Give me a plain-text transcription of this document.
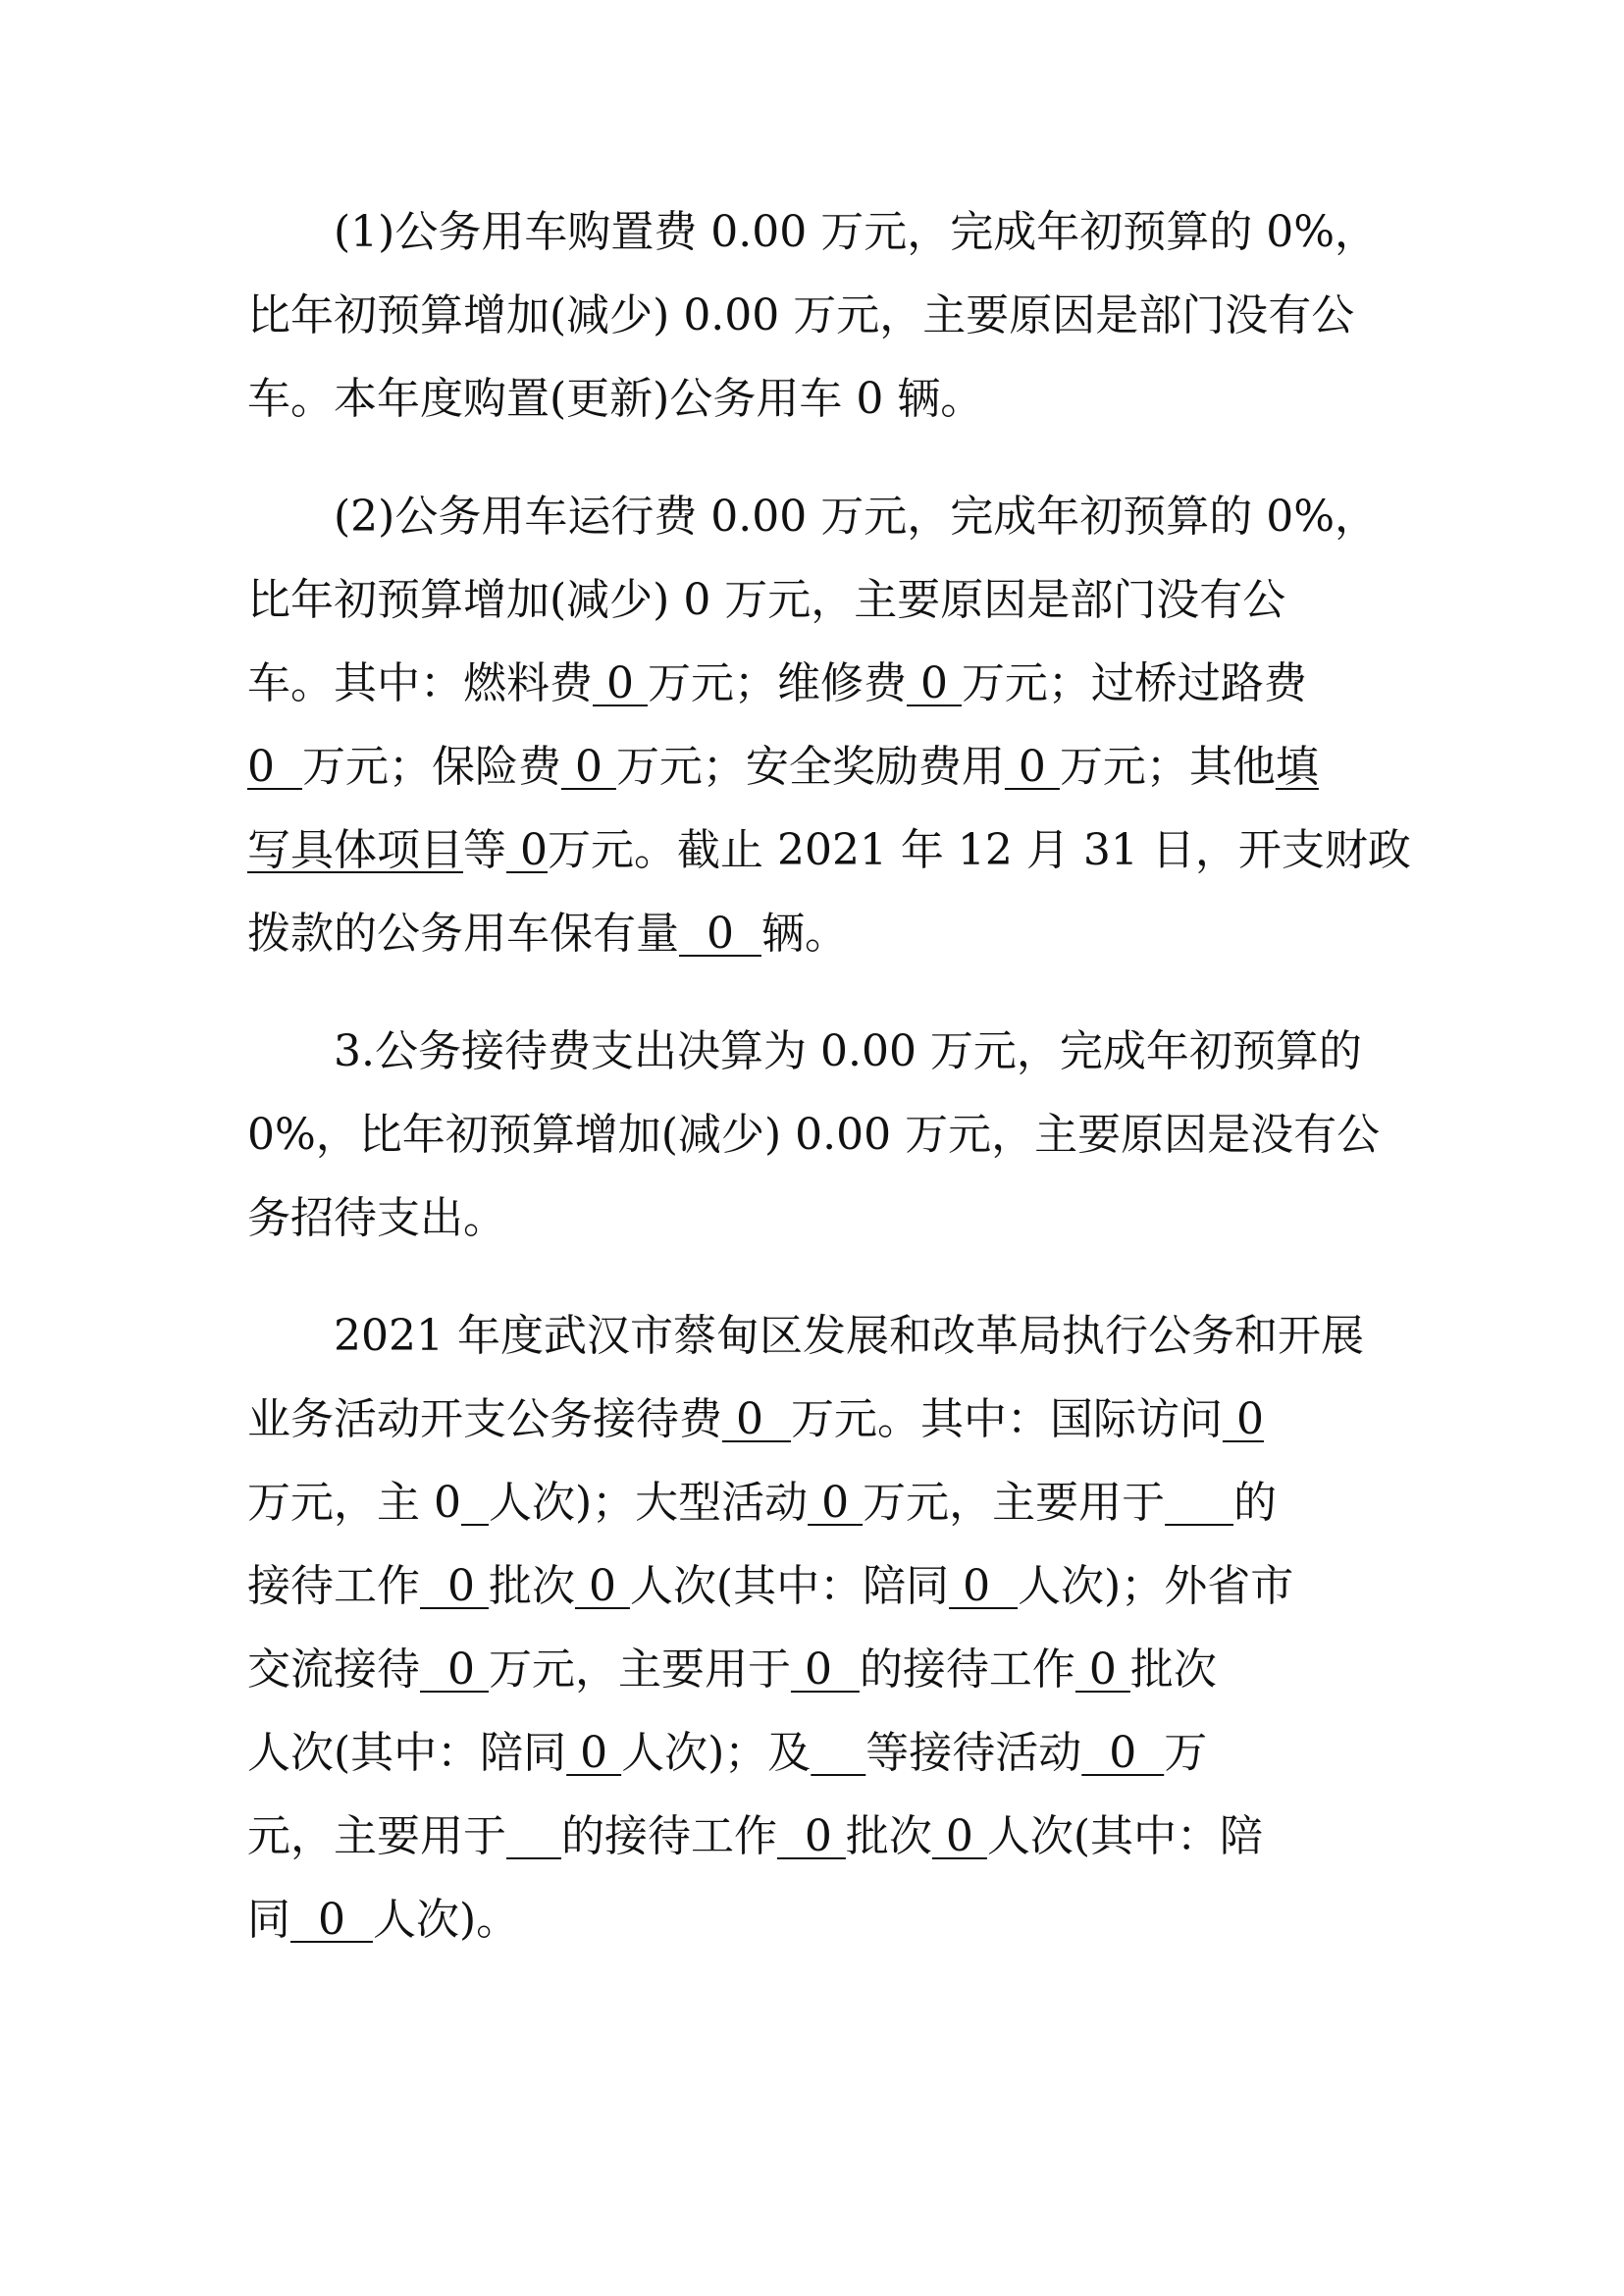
(1)公务用车购置费 0.00 万元，完成年初预算的 0%，

比年初预算增加(减少) 0.00 万元，主要原因是部门没有公

车。本年度购置(更新)公务用车 0 辆。

(2)公务用车运行费 0.00 万元，完成年初预算的 0%，

比年初预算增加(减少) 0 万元，主要原因是部门没有公

车。其中：燃料费 0 万元；维修费 0 万元；过桥过路费

0  万元；保险费 0 万元；安全奖励费用 0 万元；其他填

写具体项目等 0万元。截止 2021 年 12 月 31 日，开支财政

拨款的公务用车保有量  0  辆。

3.公务接待费支出决算为 0.00 万元，完成年初预算的

0%，比年初预算增加(减少) 0.00 万元，主要原因是没有公

务招待支出。

2021 年度武汉市蔡甸区发展和改革局执行公务和开展

业务活动开支公务接待费 0  万元。其中：国际访问 0

万元，主 0 人次)；大型活动 0 万元，主要用于 的

接待工作  0 批次 0 人次(其中：陪同 0  人次)；外省市

交流接待  0 万元，主要用于 0  的接待工作 0 批次

人次(其中：陪同 0 人次)；及 等接待活动  0  万

元，主要用于 的接待工作  0 批次 0 人次(其中：陪

同  0  人次)。
